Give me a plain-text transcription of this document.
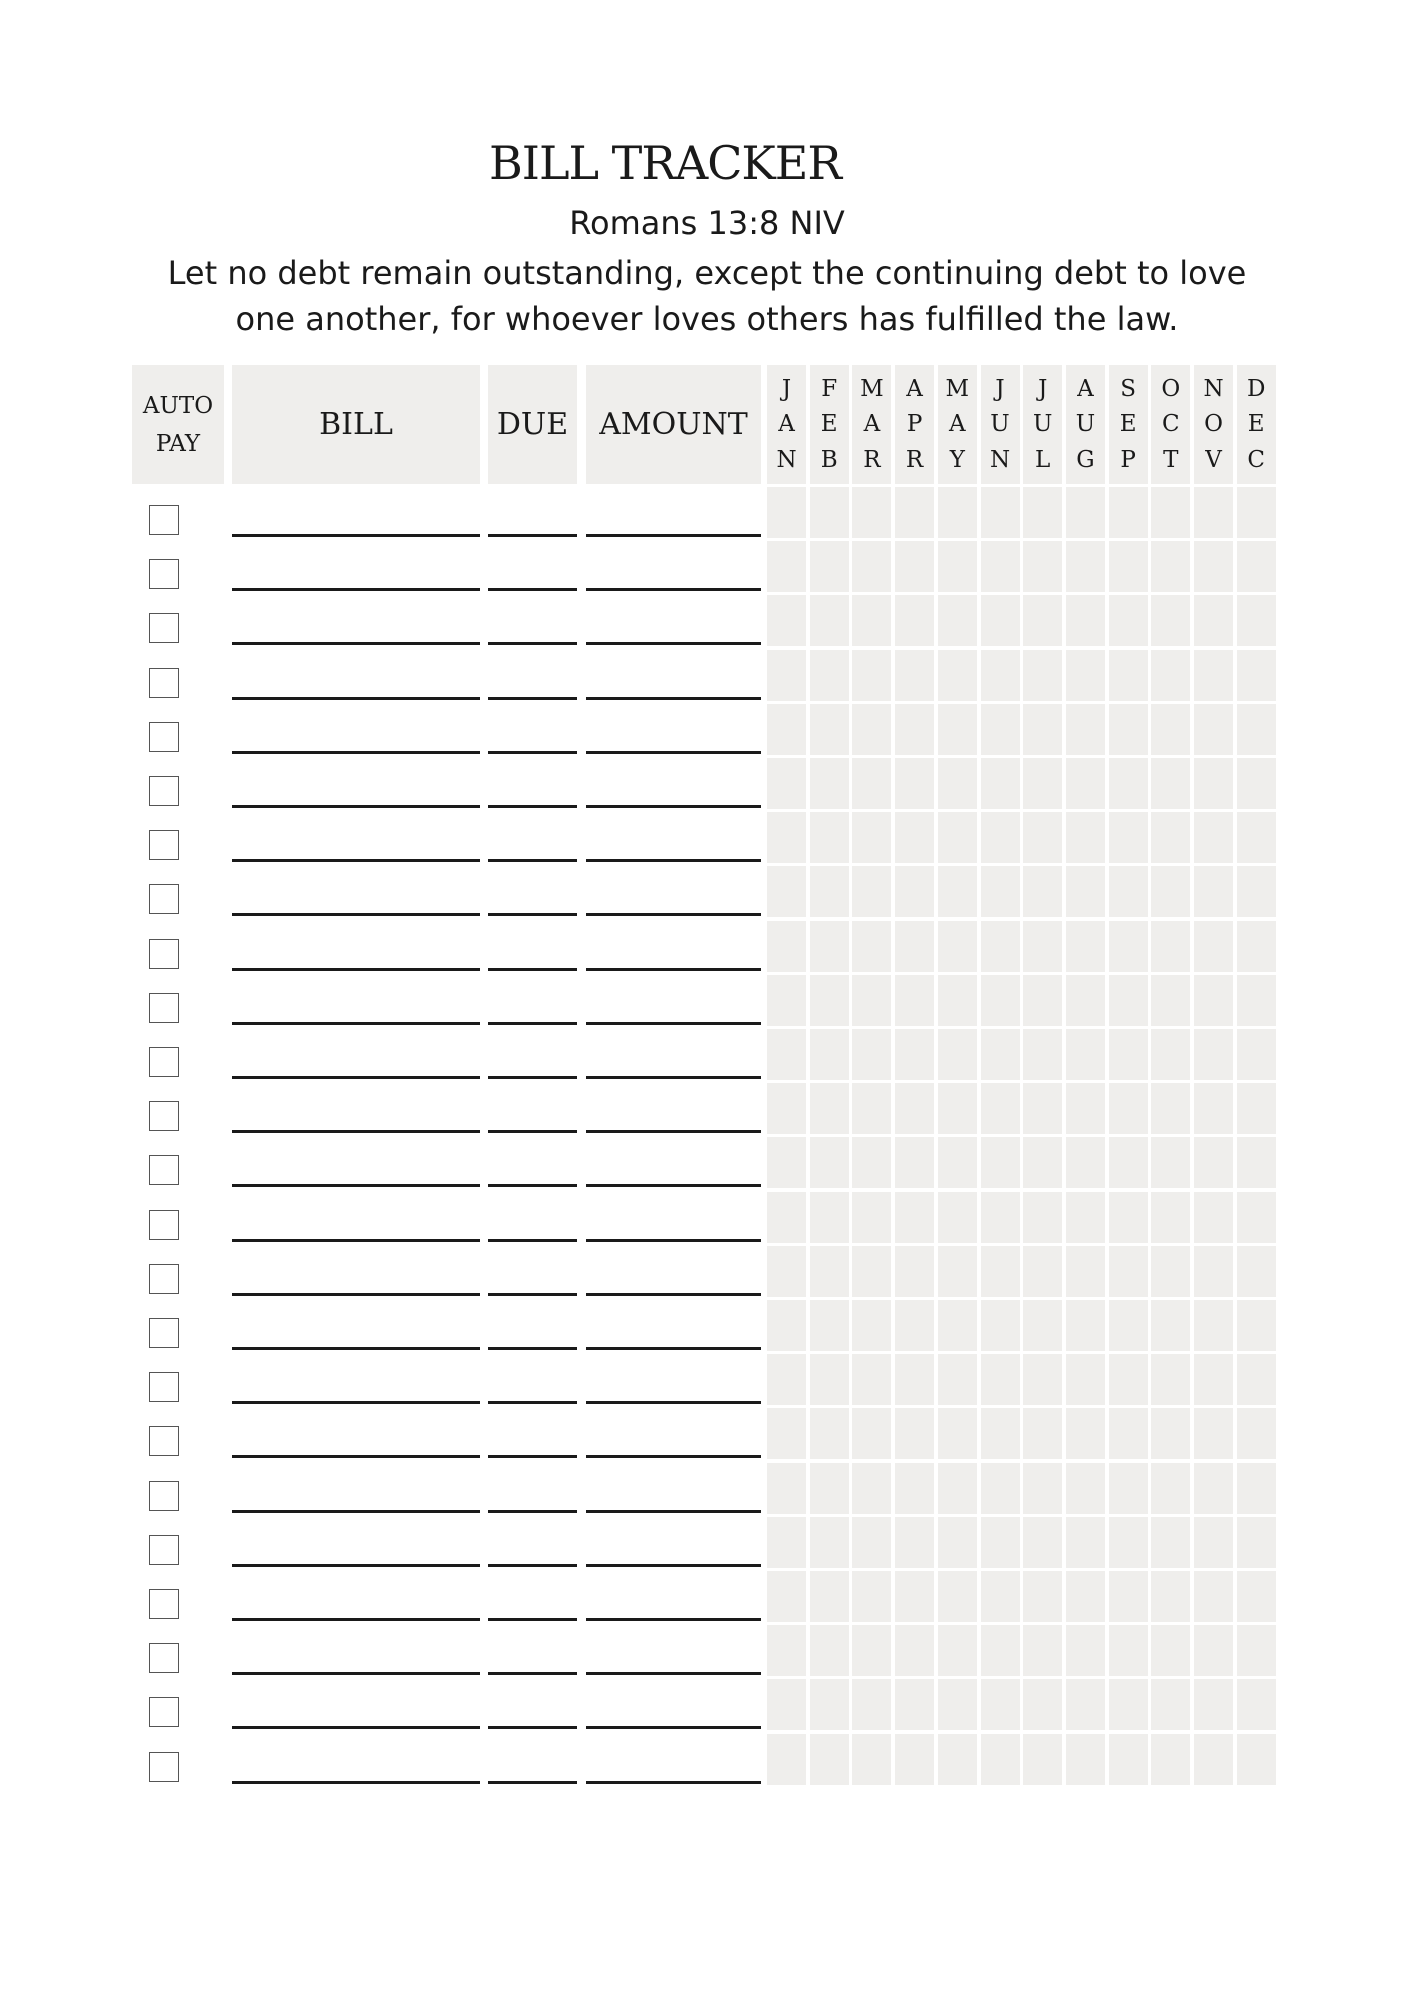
BILL TRACKER
Romans 13:8 NIV
Let no debt remain outstanding, except the continuing debt to love
one another, for whoever loves others has fulfilled the law.
AUTO
PAY
BILL	DUE	AMOUNT
J
A
N
F
E
B
M
A
R
A
P
R
M
A
Y
J
U
N
J
U
L
A
U
G
S
E
P
O
C
T
N
O
V
D
E
C
